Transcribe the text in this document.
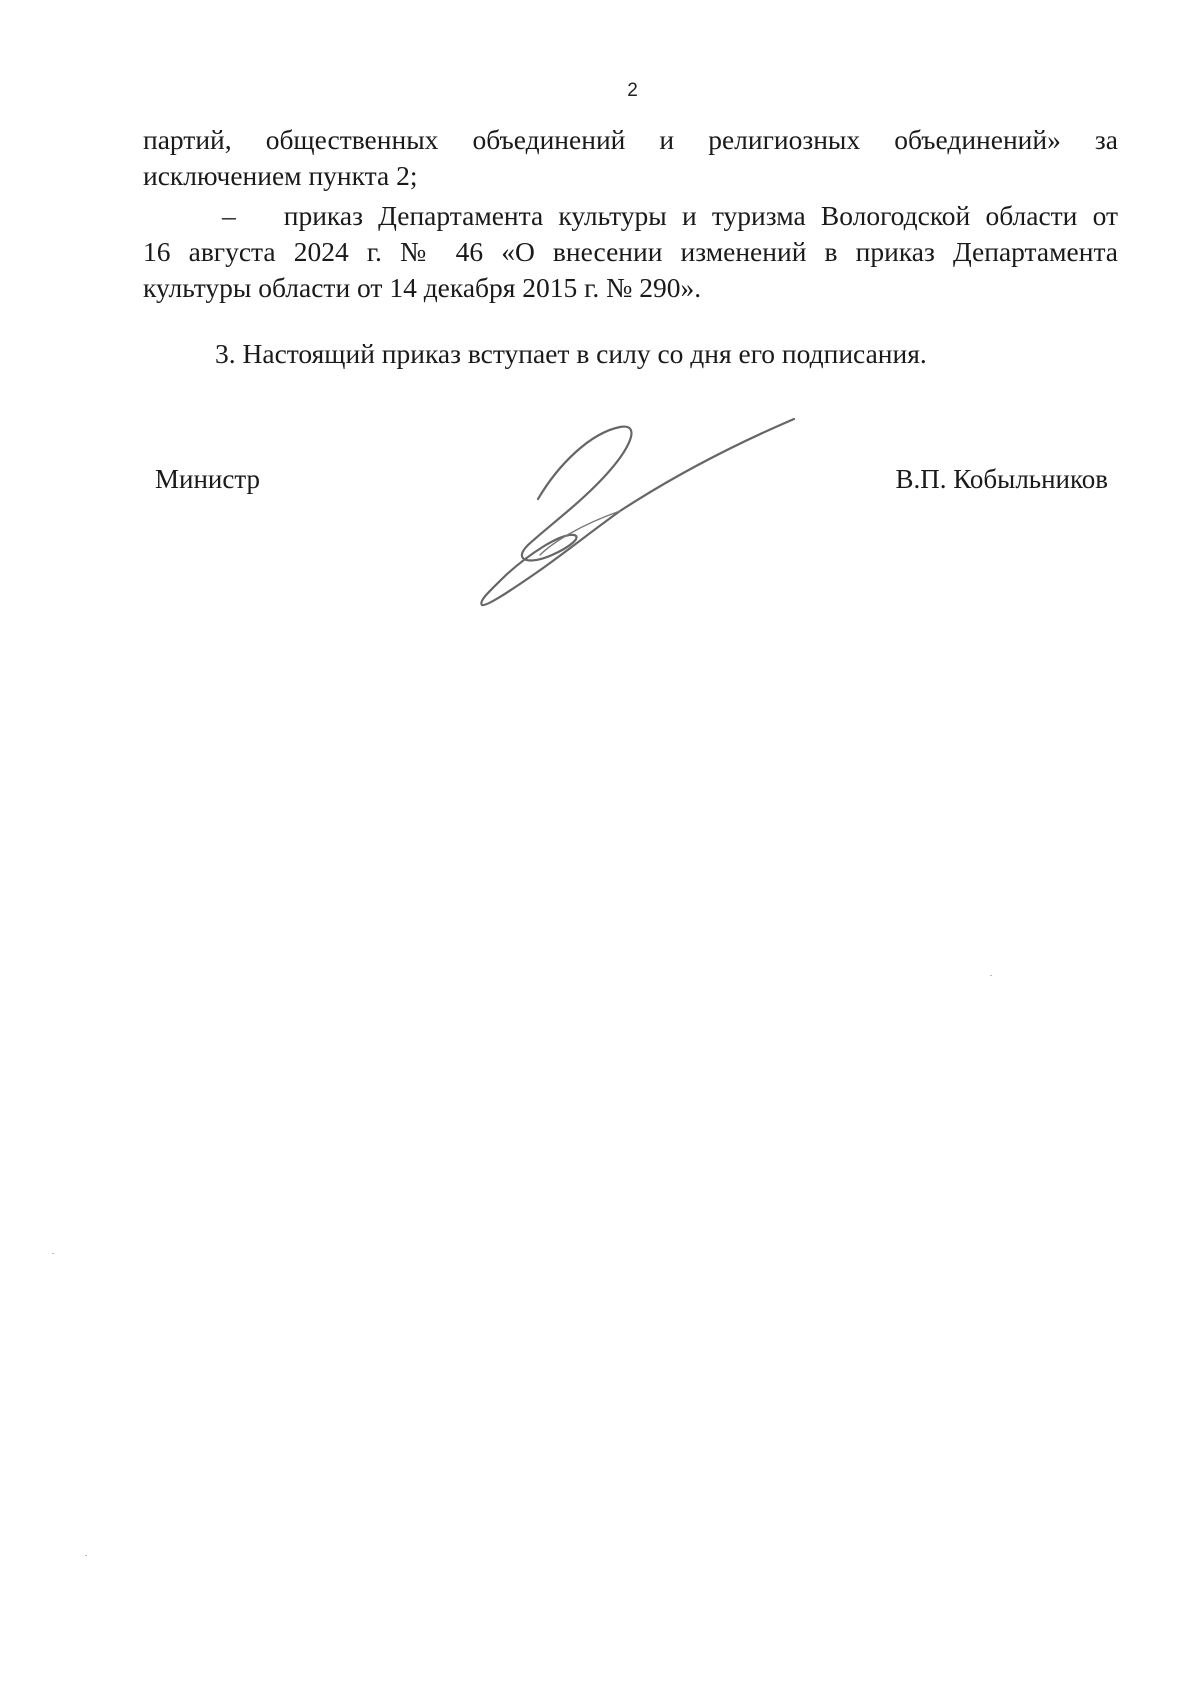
2
партий, общественных объединений и религиозных объединений» за
исключением пункта 2;
– приказ Департамента культуры и туризма Вологодской области от
16 августа 2024 г. № 46 «О внесении изменений в приказ Департамента
культуры области от 14 декабря 2015 г. № 290».
3. Настоящий приказ вступает в силу со дня его подписания.
Министр	В.П. Кобыльников
